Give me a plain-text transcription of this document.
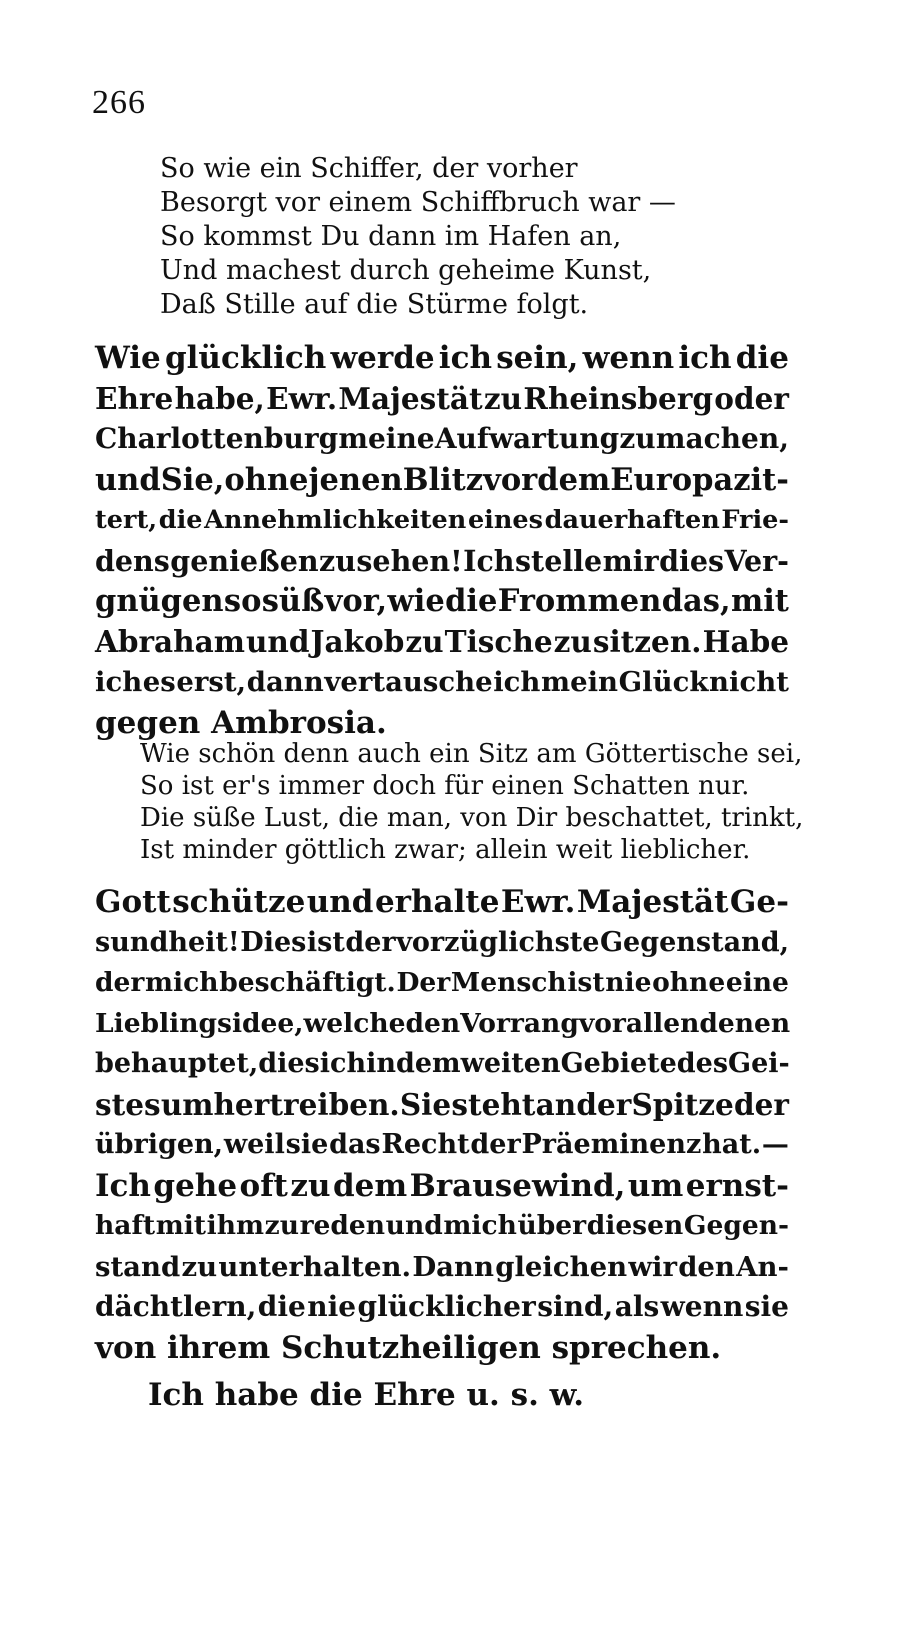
266
So wie ein Schiffer, der vorher
Besorgt vor einem Schiffbruch war —
So kommst Du dann im Hafen an,
Und machest durch geheime Kunst,
Daß Stille auf die Stürme folgt.
Wie glücklich werde ich sein, wenn ich die
Ehre habe, Ewr. Majestät zu Rheinsberg oder
Charlottenburg meine Aufwartung zu machen,
und Sie, ohne jenen Blitz vor dem Europa zit-
tert, die Annehmlichkeiten eines dauerhaften Frie-
dens genießen zu sehen! Ich stelle mir dies Ver-
gnügen so süß vor, wie die Frommen das, mit
Abraham und Jakob zu Tische zu sitzen. Habe
ich es erst, dann vertausche ich mein Glück nicht
gegen Ambrosia.
Wie schön denn auch ein Sitz am Göttertische sei,
So ist er's immer doch für einen Schatten nur.
Die süße Lust, die man, von Dir beschattet, trinkt,
Ist minder göttlich zwar; allein weit lieblicher.
Gott schütze und erhalte Ewr. Majestät Ge-
sundheit! Dies ist der vorzüglichste Gegenstand,
der mich beschäftigt. Der Mensch ist nie ohne eine
Lieblingsidee, welche den Vorrang vor allen denen
behauptet, die sich in dem weiten Gebiete des Gei-
stes umher treiben. Sie steht an der Spitze der
übrigen, weil sie das Recht der Präeminenz hat. —
Ich gehe oft zu dem Brausewind, um ernst-
haft mit ihm zu reden und mich über diesen Gegen-
stand zu unterhalten. Dann gleichen wir den An-
dächtlern, die nie glücklicher sind, als wenn sie
von ihrem Schutzheiligen sprechen.
Ich habe die Ehre u. s. w.
